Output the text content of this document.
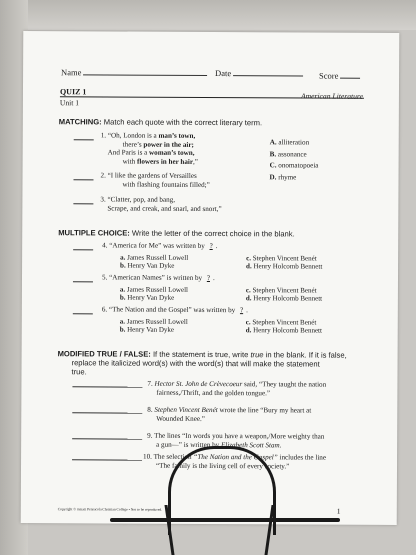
Name	Date	Score
QUIZ 1	American Literature
Unit 1
MATCHING: Match each quote with the correct literary term.
1. “Oh, London is a man’s town,
there’s power in the air;
And Paris is a woman’s town,
with flowers in her hair,”
2. “I like the gardens of Versailles
with flashing fountains filled;”
3. “Clatter, pop, and bang,
Scrape, and creak, and snarl, and snort,”
A. alliteration
B. assonance
C. onomatopoeia
D. rhyme
MULTIPLE CHOICE: Write the letter of the correct choice in the blank.
4. “America for Me” was written by ? .
a. James Russell Lowell
b. Henry Van Dyke
c. Stephen Vincent Benét
d. Henry Holcomb Bennett
5. “American Names” is written by ? .
a. James Russell Lowell
b. Henry Van Dyke
c. Stephen Vincent Benét
d. Henry Holcomb Bennett
6. “The Nation and the Gospel” was written by ? .
a. James Russell Lowell
b. Henry Van Dyke
c. Stephen Vincent Benét
d. Henry Holcomb Bennett
MODIFIED TRUE / FALSE: If the statement is true, write true in the blank. If it is false,
replace the italicized word(s) with the word(s) that will make the statement
true.
7. Hector St. John de Crèvecoeur said, “They taught the nation
fairness,/Thrift, and the golden tongue.”
8. Stephen Vincent Benét wrote the line “Bury my heart at
Wounded Knee.”
9. The lines “In words you have a weapon,/More weighty than
a gun—” is written by Elizabeth Scott Stam.
10. The selection “The Nation and the Gospel” includes the line
“The family is the living cell of every society.”
Copyright © mmxii Pensacola Christian College • Not to be reproduced.	1
